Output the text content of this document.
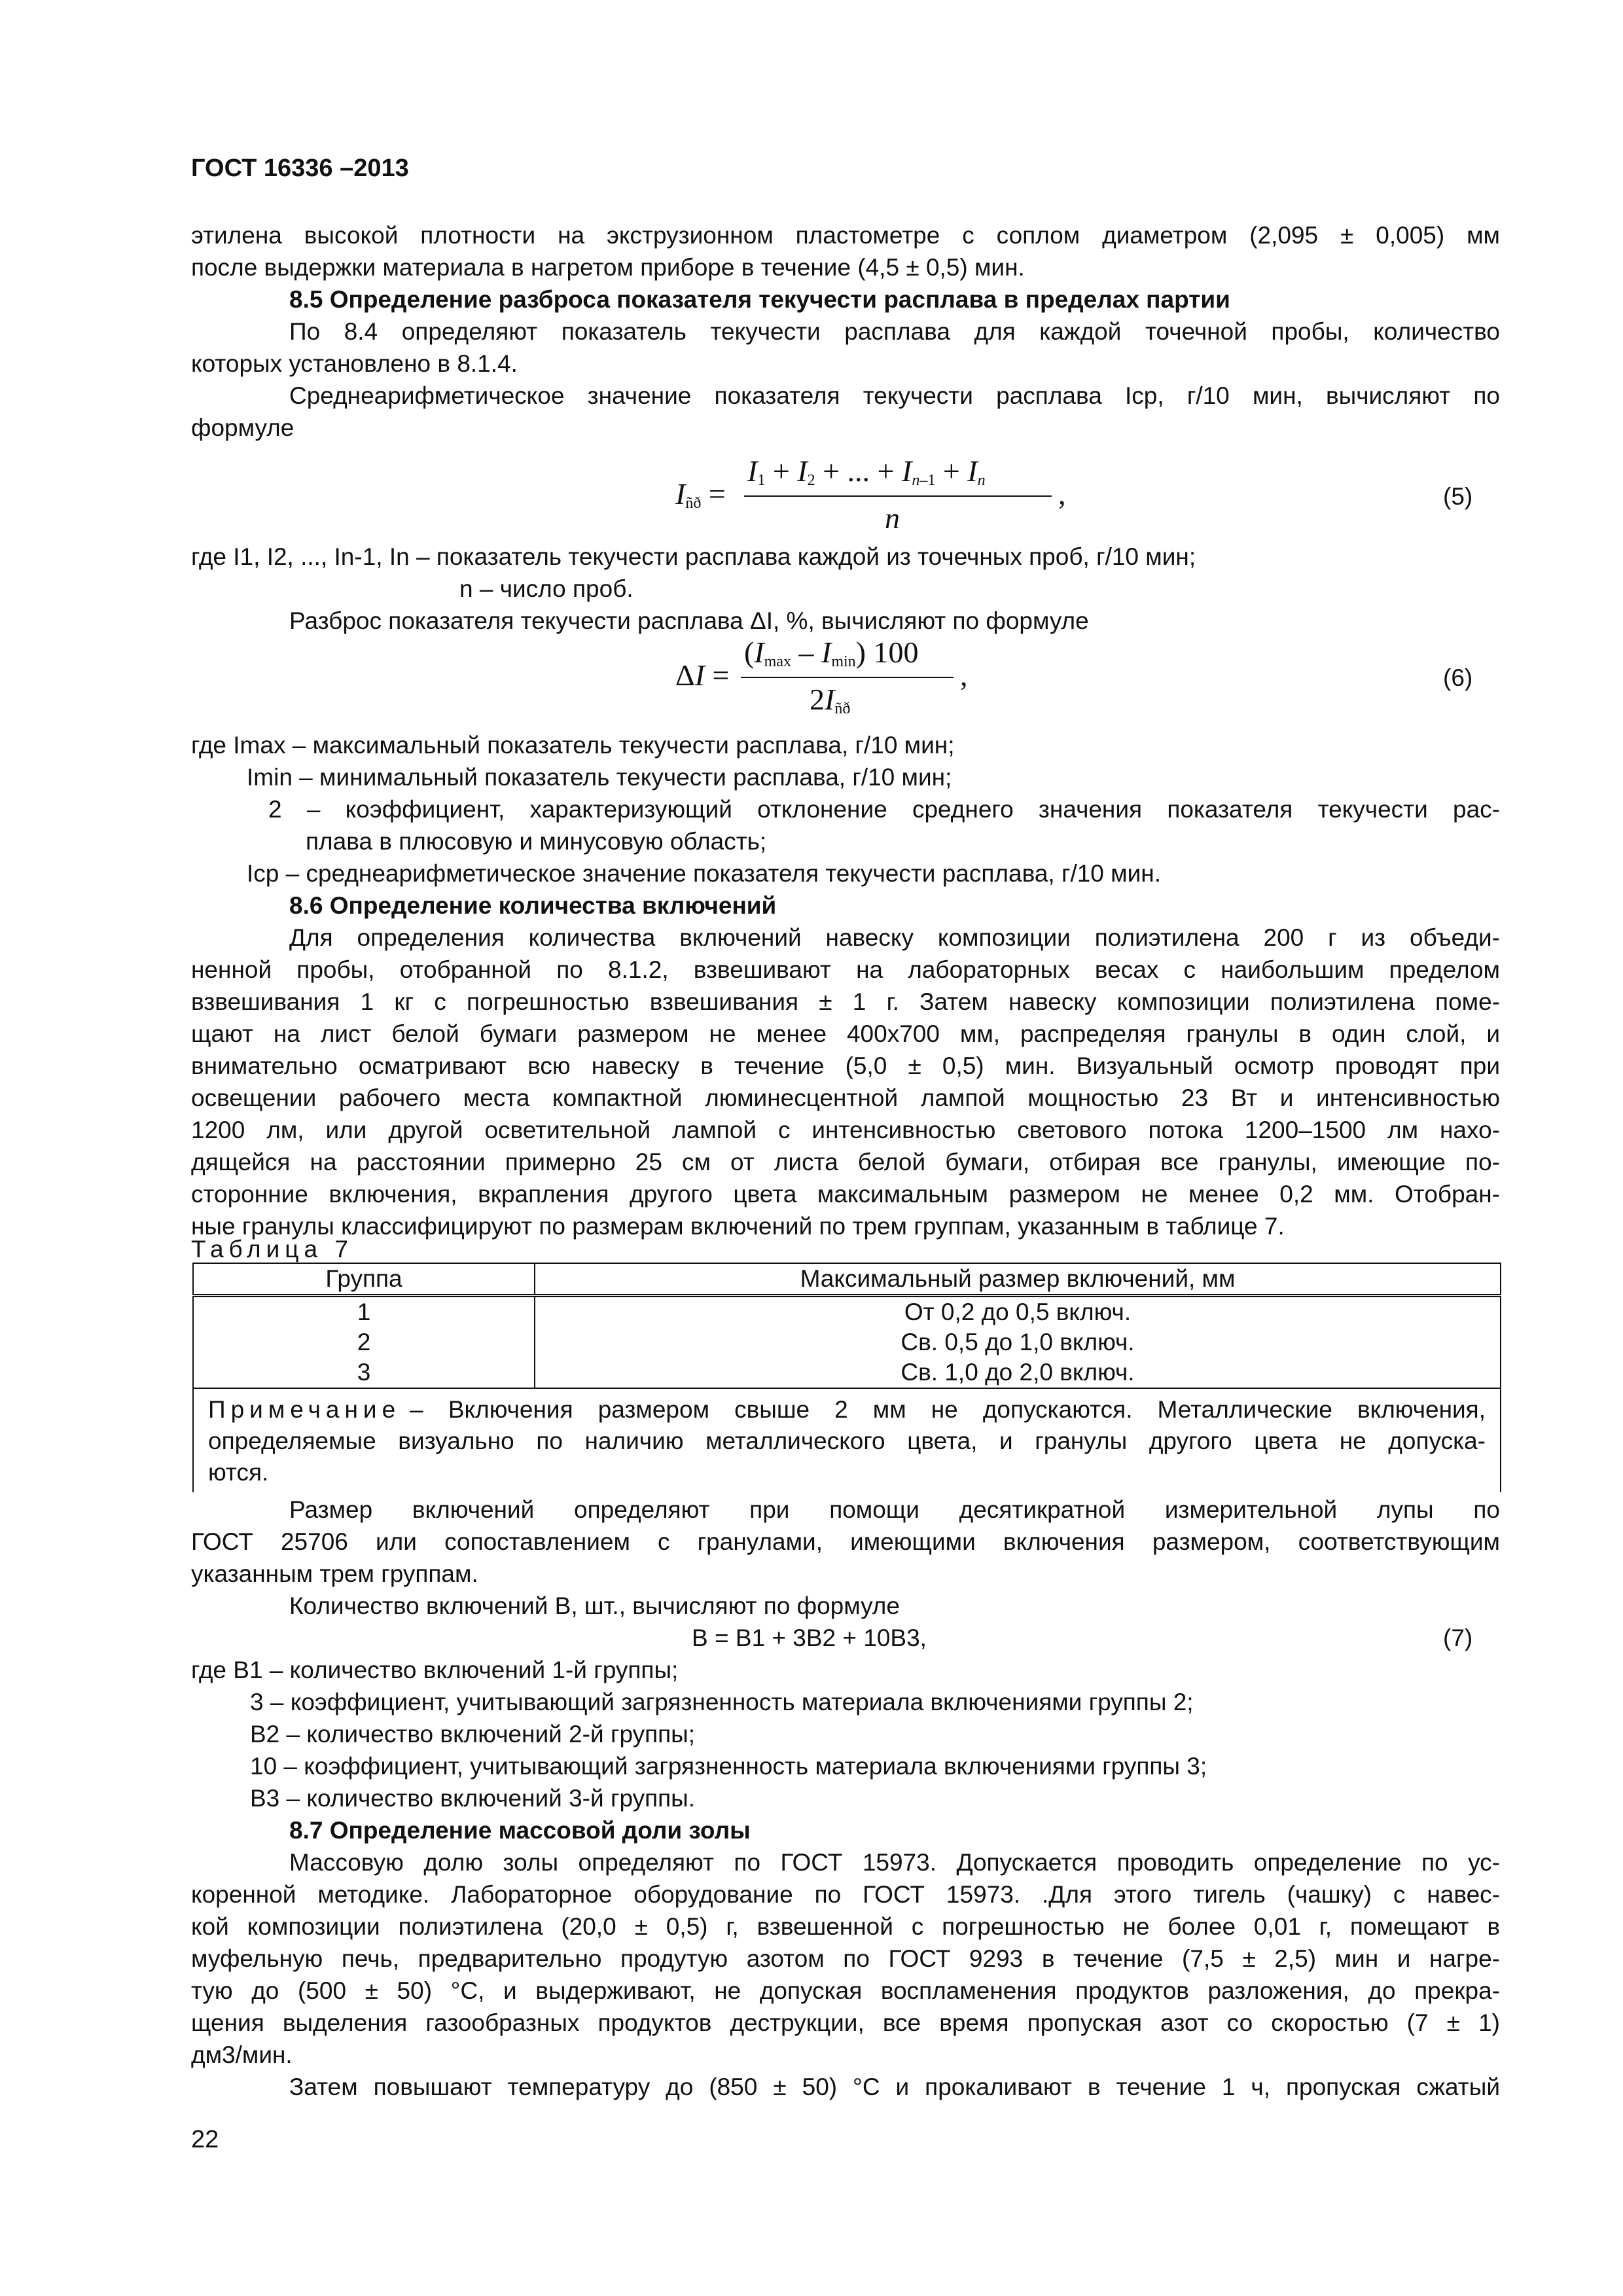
ГОСТ 16336 –2013

этилена высокой плотности на экструзионном пластометре с соплом диаметром (2,095 ± 0,005) мм

после выдержки материала в нагретом приборе в течение (4,5 ± 0,5) мин.

8.5 Определение разброса показателя текучести расплава в пределах партии

По 8.4 определяют показатель текучести расплава для каждой точечной пробы, количество

которых установлено в 8.1.4.

Среднеарифметическое значение показателя текучести расплава Iср, г/10 мин, вычисляют по

формуле

$I_{ñð}$ =
$I_1 + I_2$ + ... + $I_{n-1} + I_n$
n
,	(5)

где I1, I2, ..., In-1, In – показатель текучести расплава каждой из точечных проб, г/10 мин;

n – число проб.

Разброс показателя текучести расплава ΔI, %, вычисляют по формуле

ΔI =
$(I_{max} - I_{min})$ 100
$2I_{ñð}$
,	(6)

где Imax – максимальный показатель текучести расплава, г/10 мин;

Imin – минимальный показатель текучести расплава, г/10 мин;

2 – коэффициент, характеризующий отклонение среднего значения показателя текучести рас-

плава в плюсовую и минусовую область;

Iср – среднеарифметическое значение показателя текучести расплава, г/10 мин.

8.6 Определение количества включений

Для определения количества включений навеску композиции полиэтилена 200 г из объеди-

ненной пробы, отобранной по 8.1.2, взвешивают на лабораторных весах с наибольшим пределом

взвешивания 1 кг с погрешностью взвешивания ± 1 г. Затем навеску композиции полиэтилена поме-

щают на лист белой бумаги размером не менее 400х700 мм, распределяя гранулы в один слой, и

внимательно осматривают всю навеску в течение (5,0 ± 0,5) мин. Визуальный осмотр проводят при

освещении рабочего места компактной люминесцентной лампой мощностью 23 Вт и интенсивностью

1200 лм, или другой осветительной лампой с интенсивностью светового потока 1200–1500 лм нахо-

дящейся на расстоянии примерно 25 см от листа белой бумаги, отбирая все гранулы, имеющие по-

сторонние включения, вкрапления другого цвета максимальным размером не менее 0,2 мм. Отобран-

ные гранулы классифицируют по размерам включений по трем группам, указанным в таблице 7.

Таблица 7

Группа	Максимальный размер включений, мм
1	От 0,2 до 0,5 включ.
2	Св. 0,5 до 1,0 включ.
3	Св. 1,0 до 2,0 включ.

Примечание – Включения размером свыше 2 мм не допускаются. Металлические включения,
определяемые визуально по наличию металлического цвета, и гранулы другого цвета не допуска-
ются.	

Размер включений определяют при помощи десятикратной измерительной лупы по

ГОСТ 25706 или сопоставлением с гранулами, имеющими включения размером, соответствующим

указанным трем группам.

Количество включений В, шт., вычисляют по формуле

В = В1 + 3В2 + 10В3,	(7)

где В1 – количество включений 1-й группы;

3 – коэффициент, учитывающий загрязненность материала включениями группы 2;

В2 – количество включений 2-й группы;

10 – коэффициент, учитывающий загрязненность материала включениями группы 3;

В3 – количество включений 3-й группы.

8.7 Определение массовой доли золы

Массовую долю золы определяют по ГОСТ 15973. Допускается проводить определение по ус-

коренной методике. Лабораторное оборудование по ГОСТ 15973. .Для этого тигель (чашку) с навес-

кой композиции полиэтилена (20,0 ± 0,5) г, взвешенной с погрешностью не более 0,01 г, помещают в

муфельную печь, предварительно продутую азотом по ГОСТ 9293 в течение (7,5 ± 2,5) мин и нагре-

тую до (500 ± 50) °С, и выдерживают, не допуская воспламенения продуктов разложения, до прекра-

щения выделения газообразных продуктов деструкции, все время пропуская азот со скоростью (7 ± 1)

дм3/мин.

Затем повышают температуру до (850 ± 50) °С и прокаливают в течение 1 ч, пропуская сжатый

22
